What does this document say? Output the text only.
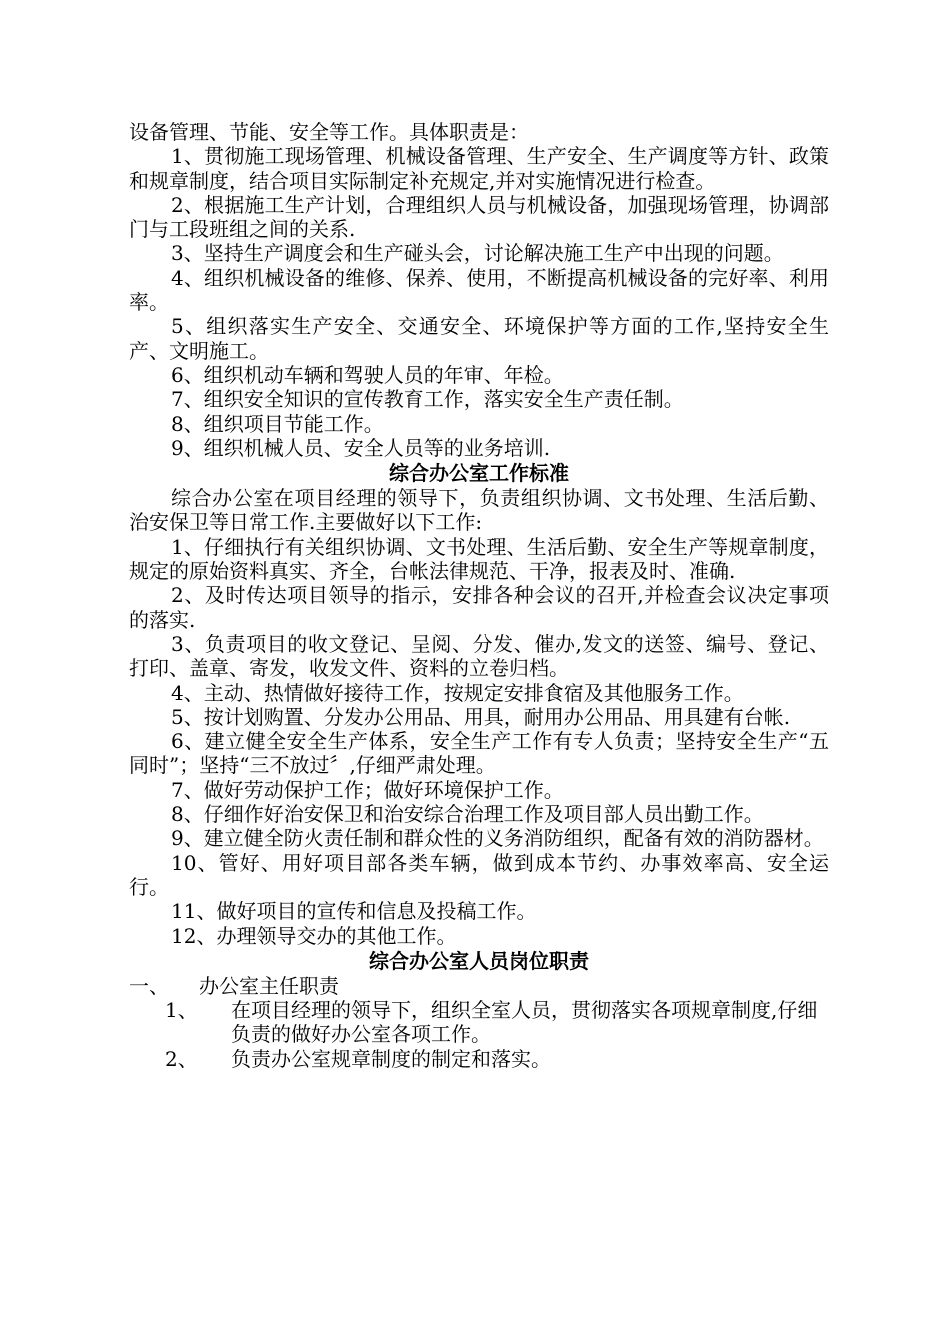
设备管理、节能、安全等工作。具体职责是：

1、贯彻施工现场管理、机械设备管理、生产安全、生产调度等方针、政策和规章制度，结合项目实际制定补充规定,并对实施情况进行检查。

2、根据施工生产计划，合理组织人员与机械设备，加强现场管理，协调部门与工段班组之间的关系.

3、坚持生产调度会和生产碰头会，讨论解决施工生产中出现的问题。

4、组织机械设备的维修、保养、使用，不断提高机械设备的完好率、利用率。

5、组织落实生产安全、交通安全、环境保护等方面的工作,坚持安全生产、文明施工。

6、组织机动车辆和驾驶人员的年审、年检。

7、组织安全知识的宣传教育工作，落实安全生产责任制。

8、组织项目节能工作。

9、组织机械人员、安全人员等的业务培训.

综合办公室工作标准

综合办公室在项目经理的领导下，负责组织协调、文书处理、生活后勤、治安保卫等日常工作.主要做好以下工作:

1、仔细执行有关组织协调、文书处理、生活后勤、安全生产等规章制度，规定的原始资料真实、齐全，台帐法律规范、干净，报表及时、准确.

2、及时传达项目领导的指示，安排各种会议的召开,并检查会议决定事项的落实.

3、负责项目的收文登记、呈阅、分发、催办,发文的送签、编号、登记、打印、盖章、寄发，收发文件、资料的立卷归档。

4、主动、热情做好接待工作，按规定安排食宿及其他服务工作。

5、按计划购置、分发办公用品、用具，耐用办公用品、用具建有台帐.

6、建立健全安全生产体系，安全生产工作有专人负责；坚持安全生产“五同时”；坚持“三不放过〞,仔细严肃处理。

7、做好劳动保护工作；做好环境保护工作。

8、仔细作好治安保卫和治安综合治理工作及项目部人员出勤工作。

9、建立健全防火责任制和群众性的义务消防组织，配备有效的消防器材。

10、管好、用好项目部各类车辆，做到成本节约、办事效率高、安全运行。

11、做好项目的宣传和信息及投稿工作。

12、办理领导交办的其他工作。

综合办公室人员岗位职责
一、	办公室主任职责
1、	在项目经理的领导下，组织全室人员，贯彻落实各项规章制度,仔细负责的做好办公室各项工作。
2、	负责办公室规章制度的制定和落实。
